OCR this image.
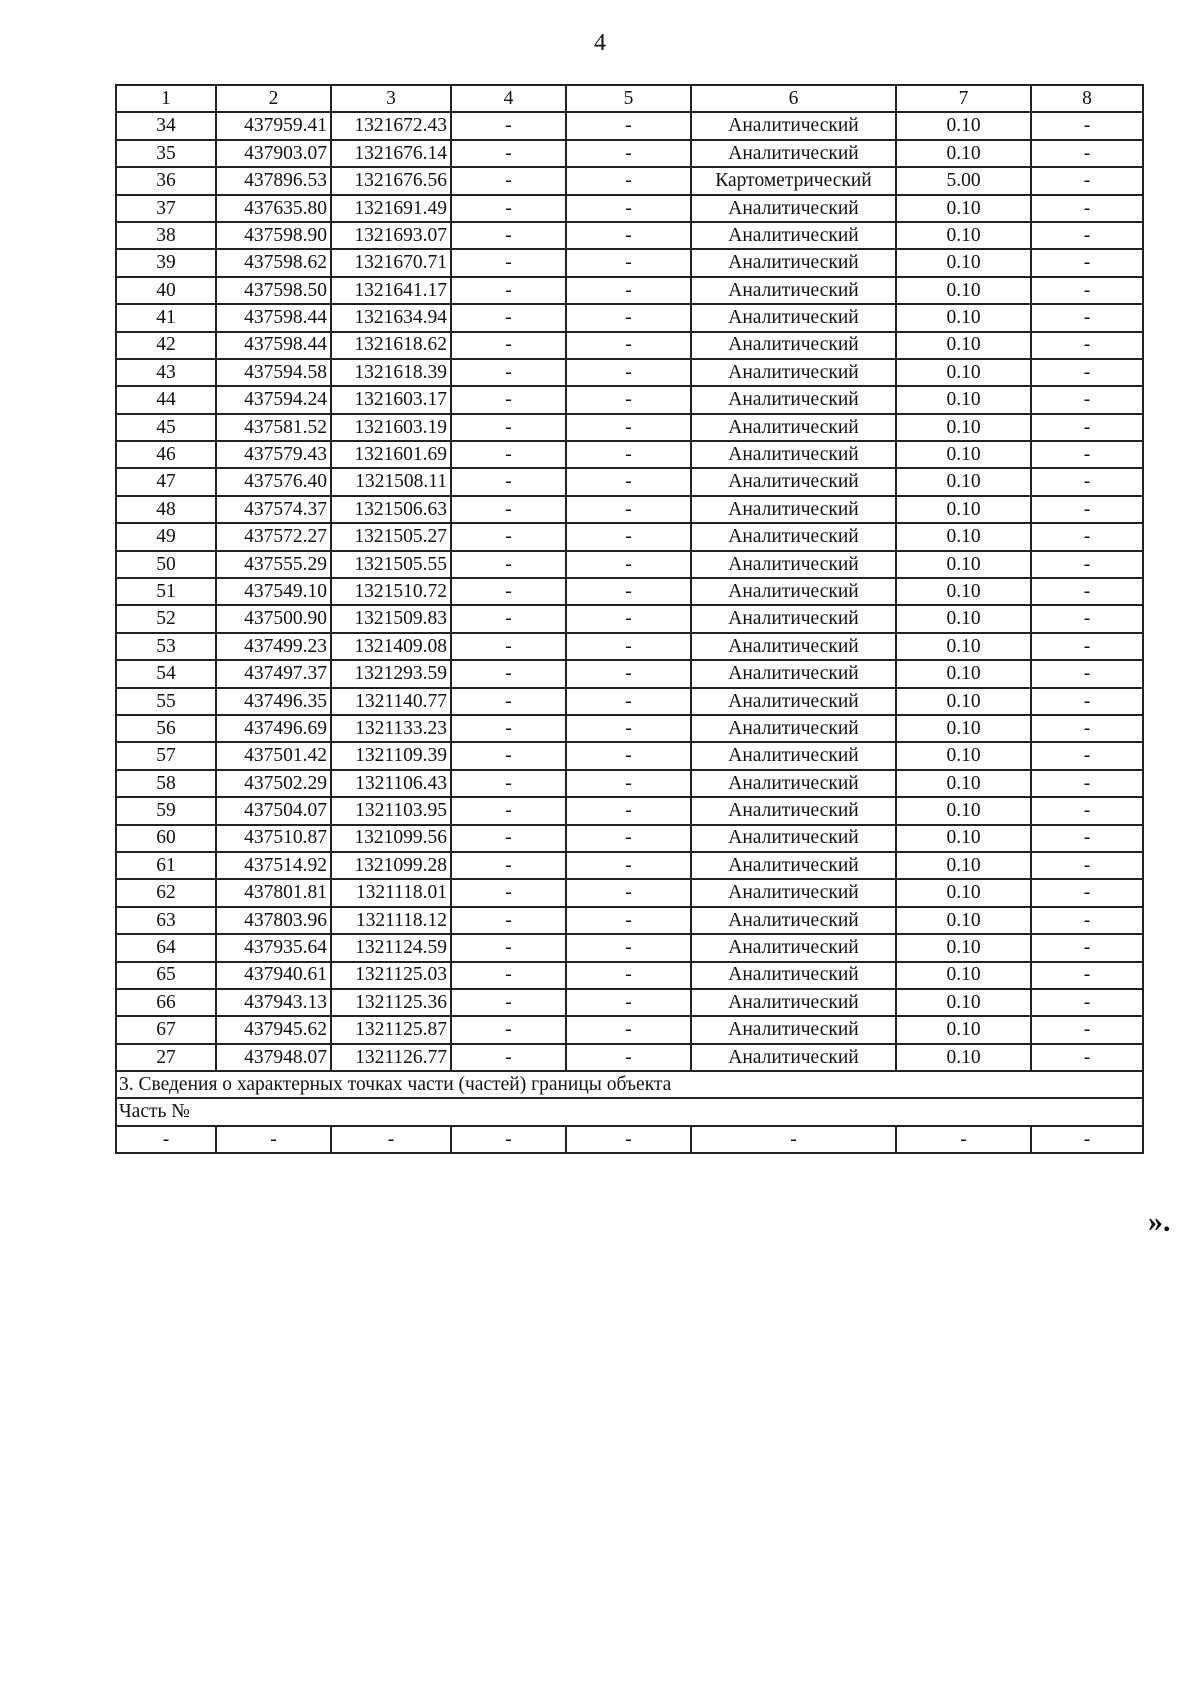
4
1	2	3	4	5	6	7	8
34	437959.41	1321672.43	-	-	Аналитический	0.10	-
35	437903.07	1321676.14	-	-	Аналитический	0.10	-
36	437896.53	1321676.56	-	-	Картометрический	5.00	-
37	437635.80	1321691.49	-	-	Аналитический	0.10	-
38	437598.90	1321693.07	-	-	Аналитический	0.10	-
39	437598.62	1321670.71	-	-	Аналитический	0.10	-
40	437598.50	1321641.17	-	-	Аналитический	0.10	-
41	437598.44	1321634.94	-	-	Аналитический	0.10	-
42	437598.44	1321618.62	-	-	Аналитический	0.10	-
43	437594.58	1321618.39	-	-	Аналитический	0.10	-
44	437594.24	1321603.17	-	-	Аналитический	0.10	-
45	437581.52	1321603.19	-	-	Аналитический	0.10	-
46	437579.43	1321601.69	-	-	Аналитический	0.10	-
47	437576.40	1321508.11	-	-	Аналитический	0.10	-
48	437574.37	1321506.63	-	-	Аналитический	0.10	-
49	437572.27	1321505.27	-	-	Аналитический	0.10	-
50	437555.29	1321505.55	-	-	Аналитический	0.10	-
51	437549.10	1321510.72	-	-	Аналитический	0.10	-
52	437500.90	1321509.83	-	-	Аналитический	0.10	-
53	437499.23	1321409.08	-	-	Аналитический	0.10	-
54	437497.37	1321293.59	-	-	Аналитический	0.10	-
55	437496.35	1321140.77	-	-	Аналитический	0.10	-
56	437496.69	1321133.23	-	-	Аналитический	0.10	-
57	437501.42	1321109.39	-	-	Аналитический	0.10	-
58	437502.29	1321106.43	-	-	Аналитический	0.10	-
59	437504.07	1321103.95	-	-	Аналитический	0.10	-
60	437510.87	1321099.56	-	-	Аналитический	0.10	-
61	437514.92	1321099.28	-	-	Аналитический	0.10	-
62	437801.81	1321118.01	-	-	Аналитический	0.10	-
63	437803.96	1321118.12	-	-	Аналитический	0.10	-
64	437935.64	1321124.59	-	-	Аналитический	0.10	-
65	437940.61	1321125.03	-	-	Аналитический	0.10	-
66	437943.13	1321125.36	-	-	Аналитический	0.10	-
67	437945.62	1321125.87	-	-	Аналитический	0.10	-
27	437948.07	1321126.77	-	-	Аналитический	0.10	-
3. Сведения о характерных точках части (частей) границы объекта							
Часть №							
-	-	-	-	-	-	-	-
».
